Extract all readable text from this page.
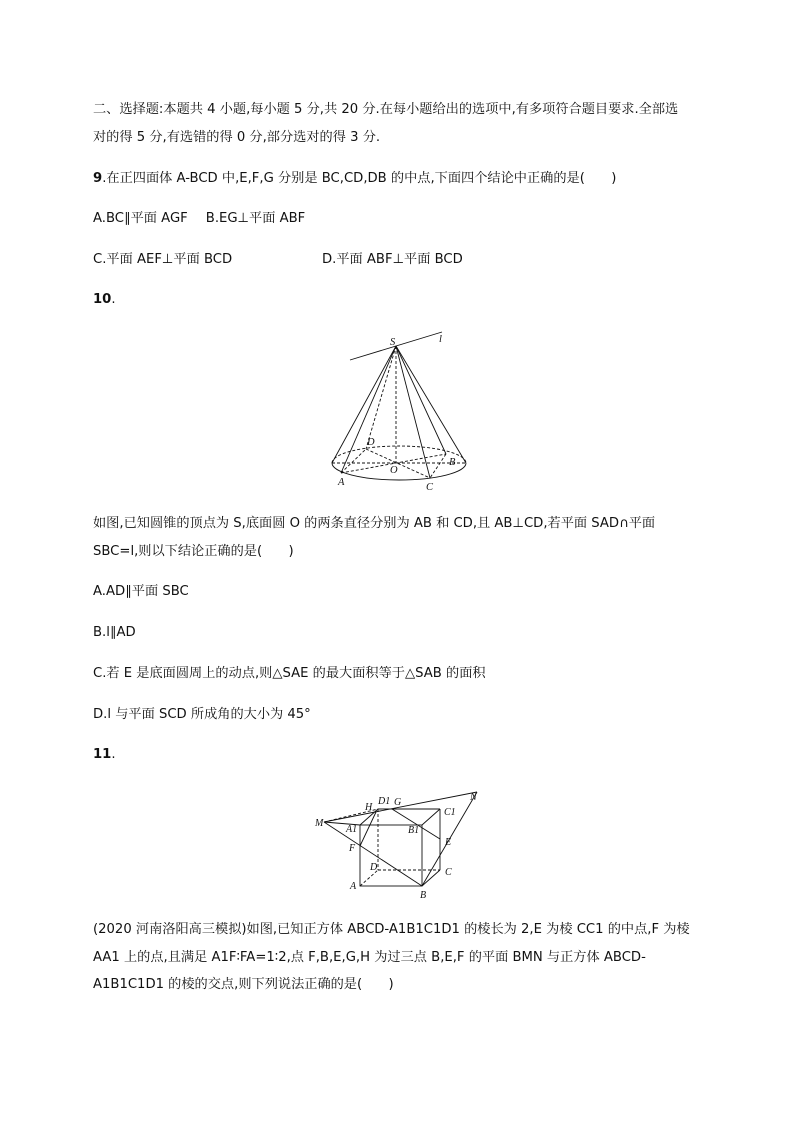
二、选择题:本题共 4 小题,每小题 5 分,共 20 分.在每小题给出的选项中,有多项符合题目要求.全部选
对的得 5 分,有选错的得 0 分,部分选对的得 3 分.
9.在正四面体 A-BCD 中,E,F,G 分别是 BC,CD,DB 的中点,下面四个结论中正确的是(　　)
A.BC∥平面 AGF B.EG⊥平面 ABF
C.平面 AEF⊥平面 BCD	D.平面 ABF⊥平面 BCD
10.
S	l
D
O
B
A	C
如图,已知圆锥的顶点为 S,底面圆 O 的两条直径分别为 AB 和 CD,且 AB⊥CD,若平面 SAD∩平面
SBC=l,则以下结论正确的是(　　)
A.AD∥平面 SBC
B.l∥AD
C.若 E 是底面圆周上的动点,则△SAE 的最大面积等于△SAB 的面积
D.l 与平面 SCD 所成角的大小为 45°
11.
M
H
D1 G
C1
N
A1	B1
E
F
D	C
A
B
(2020 河南洛阳高三模拟)如图,已知正方体 ABCD-A1B1C1D1 的棱长为 2,E 为棱 CC1 的中点,F 为棱
AA1 上的点,且满足 A1F∶FA=1∶2,点 F,B,E,G,H 为过三点 B,E,F 的平面 BMN 与正方体 ABCD-
A1B1C1D1 的棱的交点,则下列说法正确的是(　　)
